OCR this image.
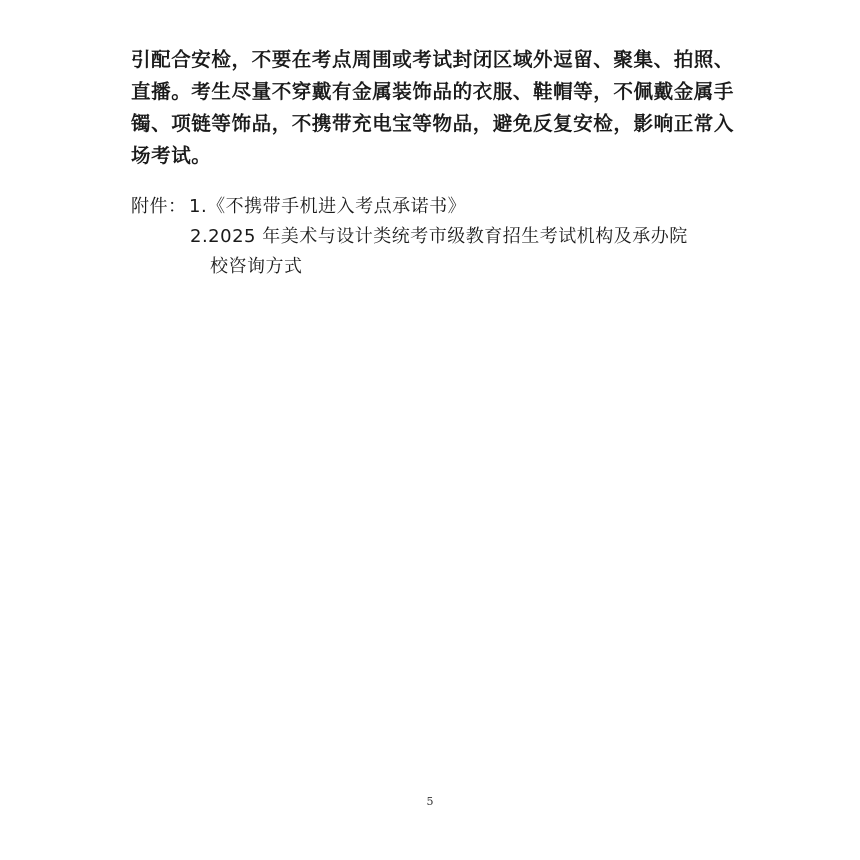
引配合安检，不要在考点周围或考试封闭区域外逗留、聚集、拍照、
直播。考生尽量不穿戴有金属装饰品的衣服、鞋帽等，不佩戴金属手
镯、项链等饰品，不携带充电宝等物品，避免反复安检，影响正常入
场考试。
附件： 1.《不携带手机进入考点承诺书》
2.2025 年美术与设计类统考市级教育招生考试机构及承办院
校咨询方式
5
